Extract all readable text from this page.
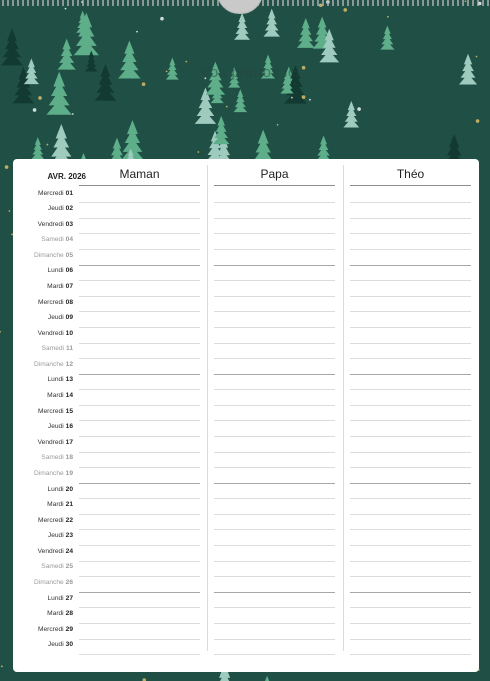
Vos photos ici
AVR. 2026	Maman	Papa	Théo
Mercredi 01
Jeudi 02
Vendredi 03
Samedi 04
Dimanche 05
Lundi 06
Mardi 07
Mercredi 08
Jeudi 09
Vendredi 10
Samedi 11
Dimanche 12
Lundi 13
Mardi 14
Mercredi 15
Jeudi 16
Vendredi 17
Samedi 18
Dimanche 19
Lundi 20
Mardi 21
Mercredi 22
Jeudi 23
Vendredi 24
Samedi 25
Dimanche 26
Lundi 27
Mardi 28
Mercredi 29
Jeudi 30
